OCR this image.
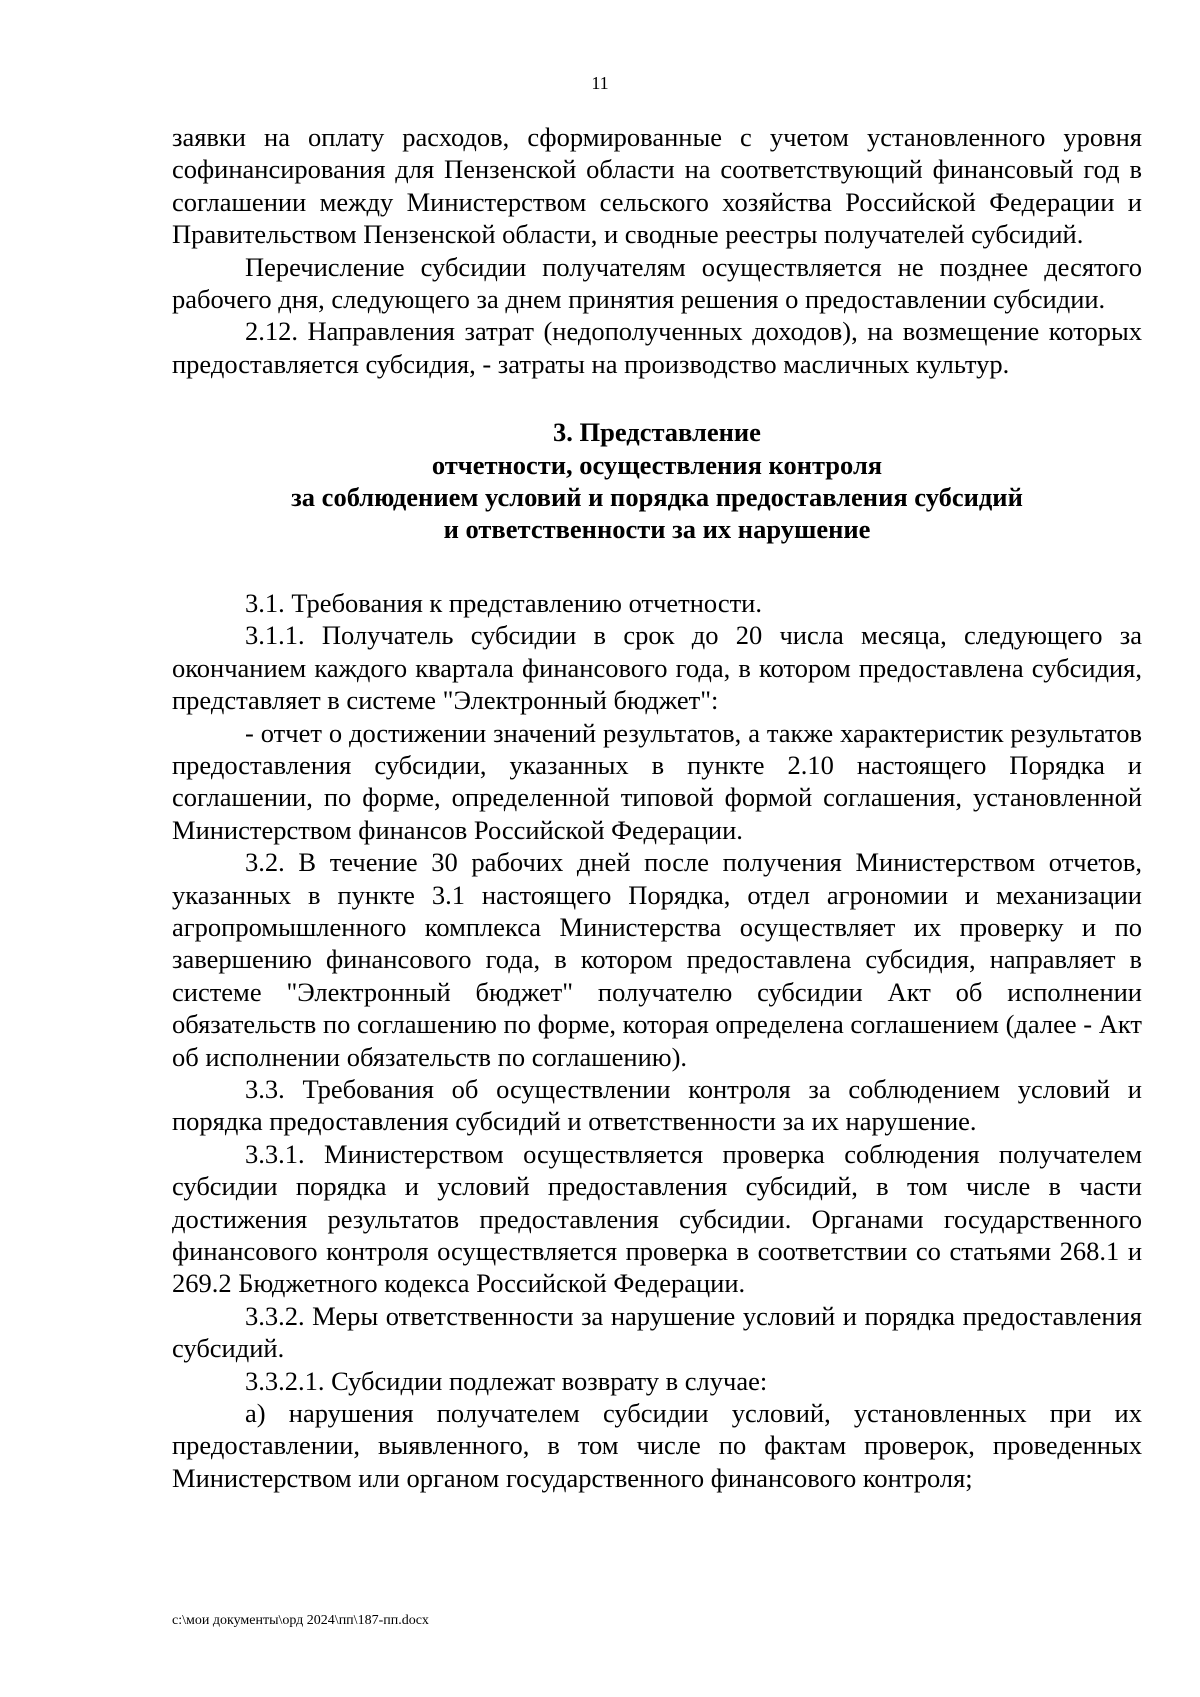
11

заявки на оплату расходов, сформированные с учетом установленного уровня софинансирования для Пензенской области на соответствующий финансовый год в соглашении между Министерством сельского хозяйства Российской Федерации и Правительством Пензенской области, и сводные реестры получателей субсидий.

Перечисление субсидии получателям осуществляется не позднее десятого рабочего дня, следующего за днем принятия решения о предоставлении субсидии.

2.12. Направления затрат (недополученных доходов), на возмещение которых предоставляется субсидия, - затраты на производство масличных культур.

3. Представление
отчетности, осуществления контроля
за соблюдением условий и порядка предоставления субсидий
и ответственности за их нарушение

3.1. Требования к представлению отчетности.

3.1.1. Получатель субсидии в срок до 20 числа месяца, следующего за окончанием каждого квартала финансового года, в котором предоставлена субсидия, представляет в системе "Электронный бюджет":

- отчет о достижении значений результатов, а также характеристик результатов предоставления субсидии, указанных в пункте 2.10 настоящего Порядка и соглашении, по форме, определенной типовой формой соглашения, установленной Министерством финансов Российской Федерации.

3.2. В течение 30 рабочих дней после получения Министерством отчетов, указанных в пункте 3.1 настоящего Порядка, отдел агрономии и механизации агропромышленного комплекса Министерства осуществляет их проверку и по завершению финансового года, в котором предоставлена субсидия, направляет в системе "Электронный бюджет" получателю субсидии Акт об исполнении обязательств по соглашению по форме, которая определена соглашением (далее - Акт об исполнении обязательств по соглашению).

3.3. Требования об осуществлении контроля за соблюдением условий и порядка предоставления субсидий и ответственности за их нарушение.

3.3.1. Министерством осуществляется проверка соблюдения получателем субсидии порядка и условий предоставления субсидий, в том числе в части достижения результатов предоставления субсидии. Органами государственного финансового контроля осуществляется проверка в соответствии со статьями 268.1 и 269.2 Бюджетного кодекса Российской Федерации.

3.3.2. Меры ответственности за нарушение условий и порядка предоставления субсидий.

3.3.2.1. Субсидии подлежат возврату в случае:

а) нарушения получателем субсидии условий, установленных при их предоставлении, выявленного, в том числе по фактам проверок, проведенных Министерством или органом государственного финансового контроля;

c:\мои документы\орд 2024\пп\187-пп.docx
